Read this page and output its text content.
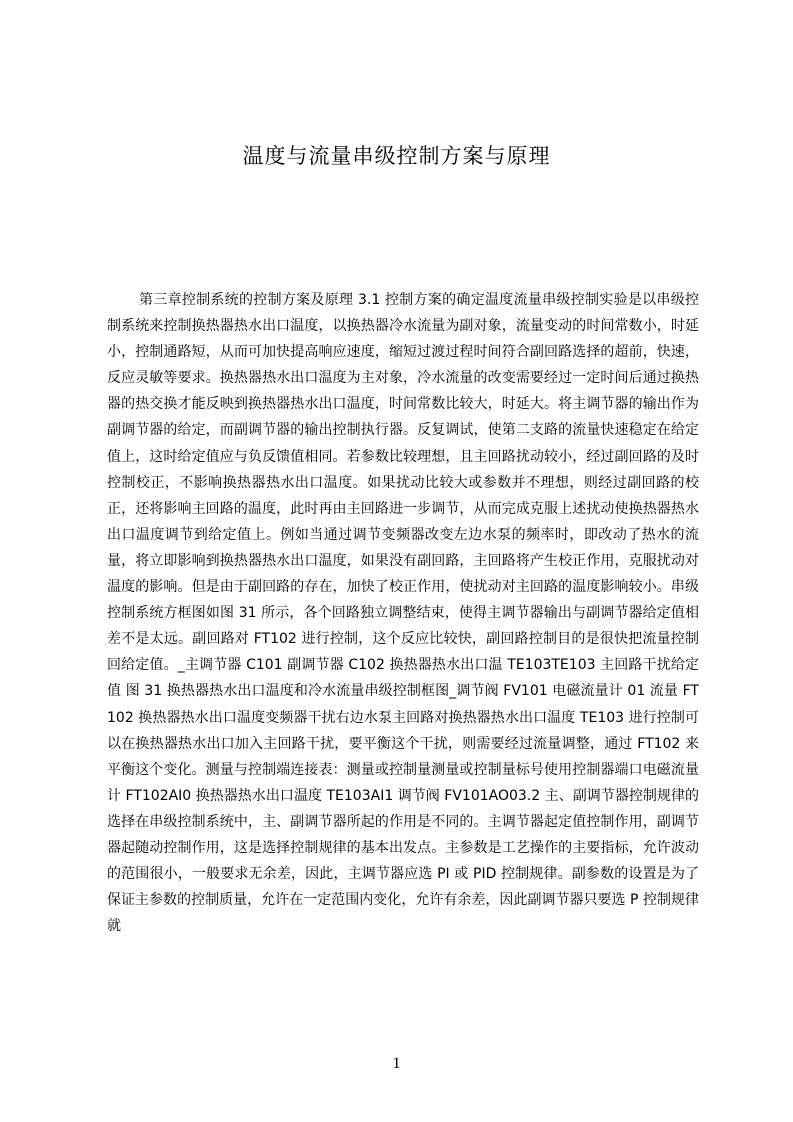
温度与流量串级控制方案与原理

第三章控制系统的控制方案及原理 3.1 控制方案的确定温度流量串级控制实验是以串级控制系统来控制换热器热水出口温度，以换热器冷水流量为副对象，流量变动的时间常数小，时延小，控制通路短，从而可加快提高响应速度，缩短过渡过程时间符合副回路选择的超前，快速，反应灵敏等要求。换热器热水出口温度为主对象，冷水流量的改变需要经过一定时间后通过换热器的热交换才能反映到换热器热水出口温度，时间常数比较大，时延大。将主调节器的输出作为副调节器的给定，而副调节器的输出控制执行器。反复调试，使第二支路的流量快速稳定在给定值上，这时给定值应与负反馈值相同。若参数比较理想，且主回路扰动较小，经过副回路的及时控制校正，不影响换热器热水出口温度。如果扰动比较大或参数并不理想，则经过副回路的校正，还将影响主回路的温度，此时再由主回路进一步调节，从而完成克服上述扰动使换热器热水出口温度调节到给定值上。例如当通过调节变频器改变左边水泵的频率时，即改动了热水的流量，将立即影响到换热器热水出口温度，如果没有副回路，主回路将产生校正作用，克服扰动对温度的影响。但是由于副回路的存在，加快了校正作用，使扰动对主回路的温度影响较小。串级控制系统方框图如图 31 所示，各个回路独立调整结束，使得主调节器输出与副调节器给定值相差不是太远。副回路对 FT102 进行控制，这个反应比较快，副回路控制目的是很快把流量控制回给定值。_主调节器 C101 副调节器 C102 换热器热水出口温 TE103TE103 主回路干扰给定值 图 31 换热器热水出口温度和冷水流量串级控制框图_调节阀 FV101 电磁流量计 01 流量 FT102 换热器热水出口温度变频器干扰右边水泵主回路对换热器热水出口温度 TE103 进行控制可以在换热器热水出口加入主回路干扰，要平衡这个干扰，则需要经过流量调整，通过 FT102 来平衡这个变化。测量与控制端连接表：测量或控制量测量或控制量标号使用控制器端口电磁流量计 FT102AI0 换热器热水出口温度 TE103AI1 调节阀 FV101AO03.2 主、副调节器控制规律的选择在串级控制系统中，主、副调节器所起的作用是不同的。主调节器起定值控制作用，副调节器起随动控制作用，这是选择控制规律的基本出发点。主参数是工艺操作的主要指标，允许波动的范围很小，一般要求无余差，因此，主调节器应选 PI 或 PID 控制规律。副参数的设置是为了保证主参数的控制质量，允许在一定范围内变化，允许有余差，因此副调节器只要选 P 控制规律就

1
